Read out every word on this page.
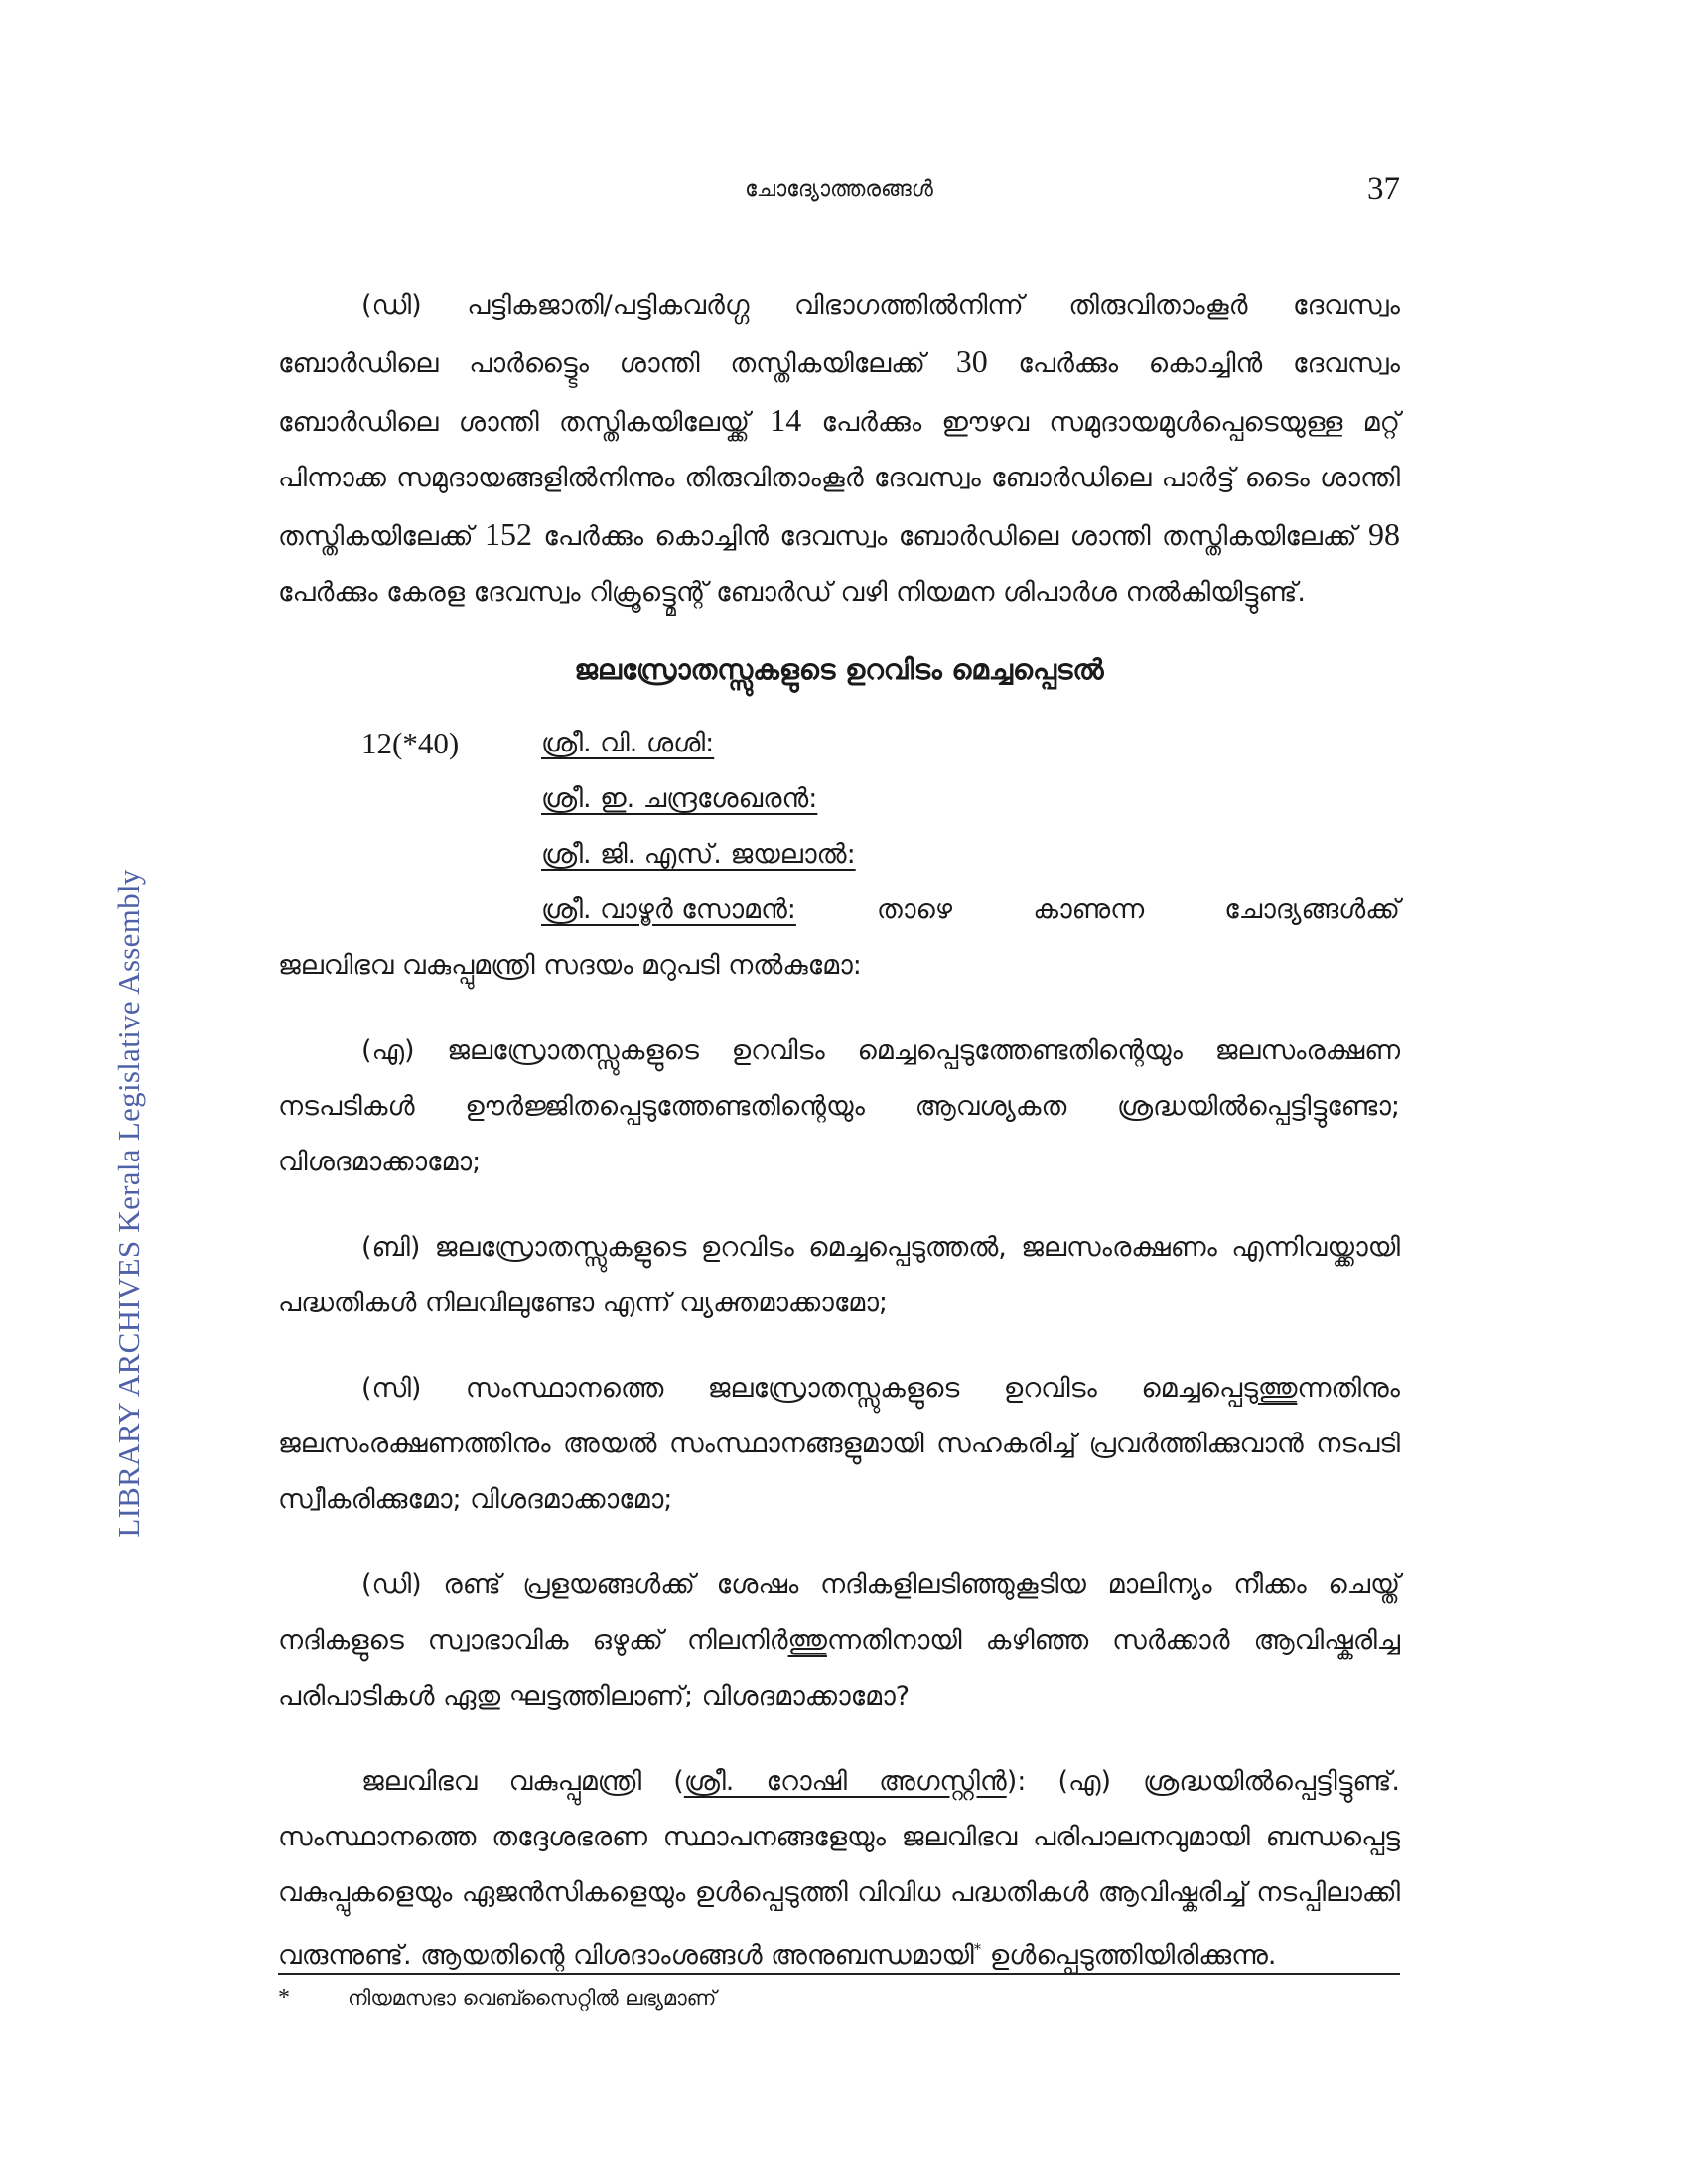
LIBRARY ARCHIVES Kerala Legislative Assembly
ചോദ്യോത്തരങ്ങൾ	37

(ഡി) പട്ടികജാതി/പട്ടികവർഗ്ഗ വിഭാഗത്തിൽനിന്ന് തിരുവിതാംകൂർ ദേവസ്വം ബോർഡിലെ പാർട്ട്ടൈം ശാന്തി തസ്തികയിലേക്ക് 30 പേർക്കും കൊച്ചിൻ ദേവസ്വം ബോർഡിലെ ശാന്തി തസ്തികയിലേയ്ക്ക് 14 പേർക്കും ഈഴവ സമുദായമുൾപ്പെടെയുള്ള മറ്റ് പിന്നാക്ക സമുദായങ്ങളിൽനിന്നും തിരുവിതാംകൂർ ദേവസ്വം ബോർഡിലെ പാർട്ട് ടൈം ശാന്തി തസ്തികയിലേക്ക് 152 പേർക്കും കൊച്ചിൻ ദേവസ്വം ബോർഡിലെ ശാന്തി തസ്തികയിലേക്ക് 98 പേർക്കും കേരള ദേവസ്വം റിക്രൂട്ട്മെന്റ് ബോർഡ് വഴി നിയമന ശിപാർശ നൽകിയിട്ടുണ്ട്.

ജലസ്രോതസ്സുകളുടെ ഉറവിടം മെച്ചപ്പെടൽ
12(*40)	ശ്രീ. വി. ശശി:
ശ്രീ. ഇ. ചന്ദ്രശേഖരൻ:
ശ്രീ. ജി. എസ്. ജയലാൽ:
ശ്രീ. വാഴൂർ സോമൻ:	താഴെ	കാണുന്ന	ചോദ്യങ്ങൾക്ക്

ജലവിഭവ വകുപ്പുമന്ത്രി സദയം മറുപടി നൽകുമോ:

(എ) ജലസ്രോതസ്സുകളുടെ ഉറവിടം മെച്ചപ്പെടുത്തേണ്ടതിന്റെയും ജലസംരക്ഷണ നടപടികൾ ഊർജ്ജിതപ്പെടുത്തേണ്ടതിന്റെയും ആവശ്യകത ശ്രദ്ധയിൽപ്പെട്ടിട്ടുണ്ടോ; വിശദമാക്കാമോ;

(ബി) ജലസ്രോതസ്സുകളുടെ ഉറവിടം മെച്ചപ്പെടുത്തൽ, ജലസംരക്ഷണം എന്നിവയ്ക്കായി പദ്ധതികൾ നിലവിലുണ്ടോ എന്ന് വ്യക്തമാക്കാമോ;

(സി) സംസ്ഥാനത്തെ ജലസ്രോതസ്സുകളുടെ ഉറവിടം മെച്ചപ്പെടുത്തുന്നതിനും ജലസംരക്ഷണത്തിനും അയൽ സംസ്ഥാനങ്ങളുമായി സഹകരിച്ച് പ്രവർത്തിക്കുവാൻ നടപടി സ്വീകരിക്കുമോ; വിശദമാക്കാമോ;

(ഡി) രണ്ട് പ്രളയങ്ങൾക്ക് ശേഷം നദികളിലടിഞ്ഞുകൂടിയ മാലിന്യം നീക്കം ചെയ്ത് നദികളുടെ സ്വാഭാവിക ഒഴുക്ക് നിലനിർത്തുന്നതിനായി കഴിഞ്ഞ സർക്കാർ ആവിഷ്കരിച്ച പരിപാടികൾ ഏതു ഘട്ടത്തിലാണ്; വിശദമാക്കാമോ?

ജലവിഭവ വകുപ്പുമന്ത്രി (ശ്രീ. റോഷി അഗസ്റ്റിൻ): (എ) ശ്രദ്ധയിൽപ്പെട്ടിട്ടുണ്ട്. സംസ്ഥാനത്തെ തദ്ദേശഭരണ സ്ഥാപനങ്ങളേയും ജലവിഭവ പരിപാലനവുമായി ബന്ധപ്പെട്ട വകുപ്പുകളെയും ഏജൻസികളെയും ഉൾപ്പെടുത്തി വിവിധ പദ്ധതികൾ ആവിഷ്കരിച്ച് നടപ്പിലാക്കി വരുന്നുണ്ട്. ആയതിന്റെ വിശദാംശങ്ങൾ അനുബന്ധമായി* ഉൾപ്പെടുത്തിയിരിക്കുന്നു.

*	നിയമസഭാ വെബ്സൈറ്റിൽ ലഭ്യമാണ്
